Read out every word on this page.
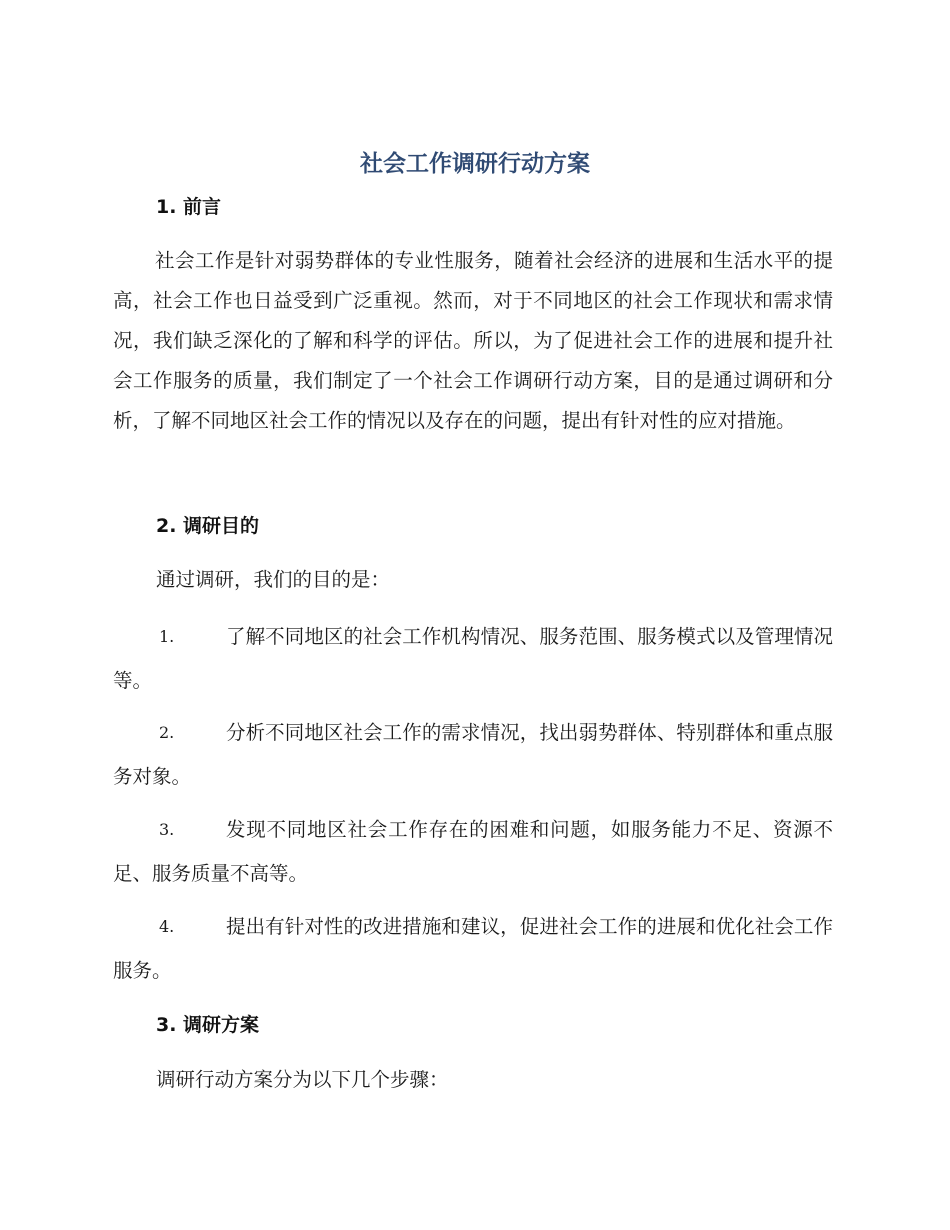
社会工作调研行动方案
1. 前言

社会工作是针对弱势群体的专业性服务，随着社会经济的进展和生活水平的提高，社会工作也日益受到广泛重视。然而，对于不同地区的社会工作现状和需求情况，我们缺乏深化的了解和科学的评估。所以，为了促进社会工作的进展和提升社会工作服务的质量，我们制定了一个社会工作调研行动方案，目的是通过调研和分析，了解不同地区社会工作的情况以及存在的问题，提出有针对性的应对措施。

2. 调研目的

通过调研，我们的目的是：

1.	了解不同地区的社会工作机构情况、服务范围、服务模式以及管理情况等。
2.	分析不同地区社会工作的需求情况，找出弱势群体、特别群体和重点服务对象。
3.	发现不同地区社会工作存在的困难和问题，如服务能力不足、资源不足、服务质量不高等。
4.	提出有针对性的改进措施和建议，促进社会工作的进展和优化社会工作服务。
3. 调研方案

调研行动方案分为以下几个步骤：
